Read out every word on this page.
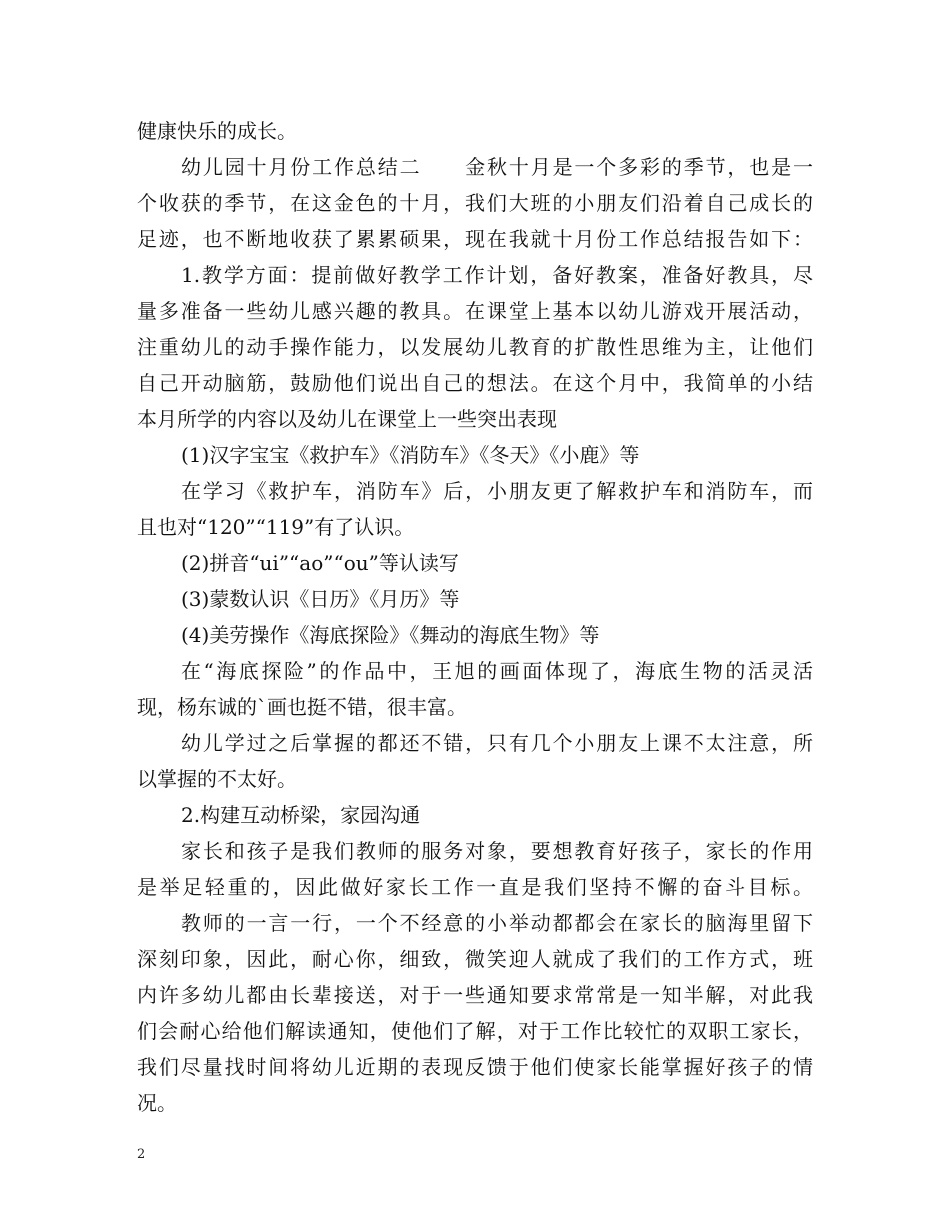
健康快乐的成长。
幼儿园十月份工作总结二　　金秋十月是一个多彩的季节，也是一
个收获的季节，在这金色的十月，我们大班的小朋友们沿着自己成长的
足迹，也不断地收获了累累硕果，现在我就十月份工作总结报告如下：
1.教学方面：提前做好教学工作计划，备好教案，准备好教具，尽
量多准备一些幼儿感兴趣的教具。在课堂上基本以幼儿游戏开展活动，
注重幼儿的动手操作能力，以发展幼儿教育的扩散性思维为主，让他们
自己开动脑筋，鼓励他们说出自己的想法。在这个月中，我简单的小结
本月所学的内容以及幼儿在课堂上一些突出表现
(1)汉字宝宝《救护车》《消防车》《冬天》《小鹿》等
在学习《救护车，消防车》后，小朋友更了解救护车和消防车，而
且也对“120”“119”有了认识。
(2)拼音“ui”“ao”“ou”等认读写
(3)蒙数认识《日历》《月历》等
(4)美劳操作《海底探险》《舞动的海底生物》等
在“海底探险”的作品中，王旭的画面体现了，海底生物的活灵活
现，杨东诚的`画也挺不错，很丰富。
幼儿学过之后掌握的都还不错，只有几个小朋友上课不太注意，所
以掌握的不太好。
2.构建互动桥梁，家园沟通
家长和孩子是我们教师的服务对象，要想教育好孩子，家长的作用
是举足轻重的，因此做好家长工作一直是我们坚持不懈的奋斗目标。
教师的一言一行，一个不经意的小举动都都会在家长的脑海里留下
深刻印象，因此，耐心你，细致，微笑迎人就成了我们的工作方式，班
内许多幼儿都由长辈接送，对于一些通知要求常常是一知半解，对此我
们会耐心给他们解读通知，使他们了解，对于工作比较忙的双职工家长，
我们尽量找时间将幼儿近期的表现反馈于他们使家长能掌握好孩子的情
况。
2
